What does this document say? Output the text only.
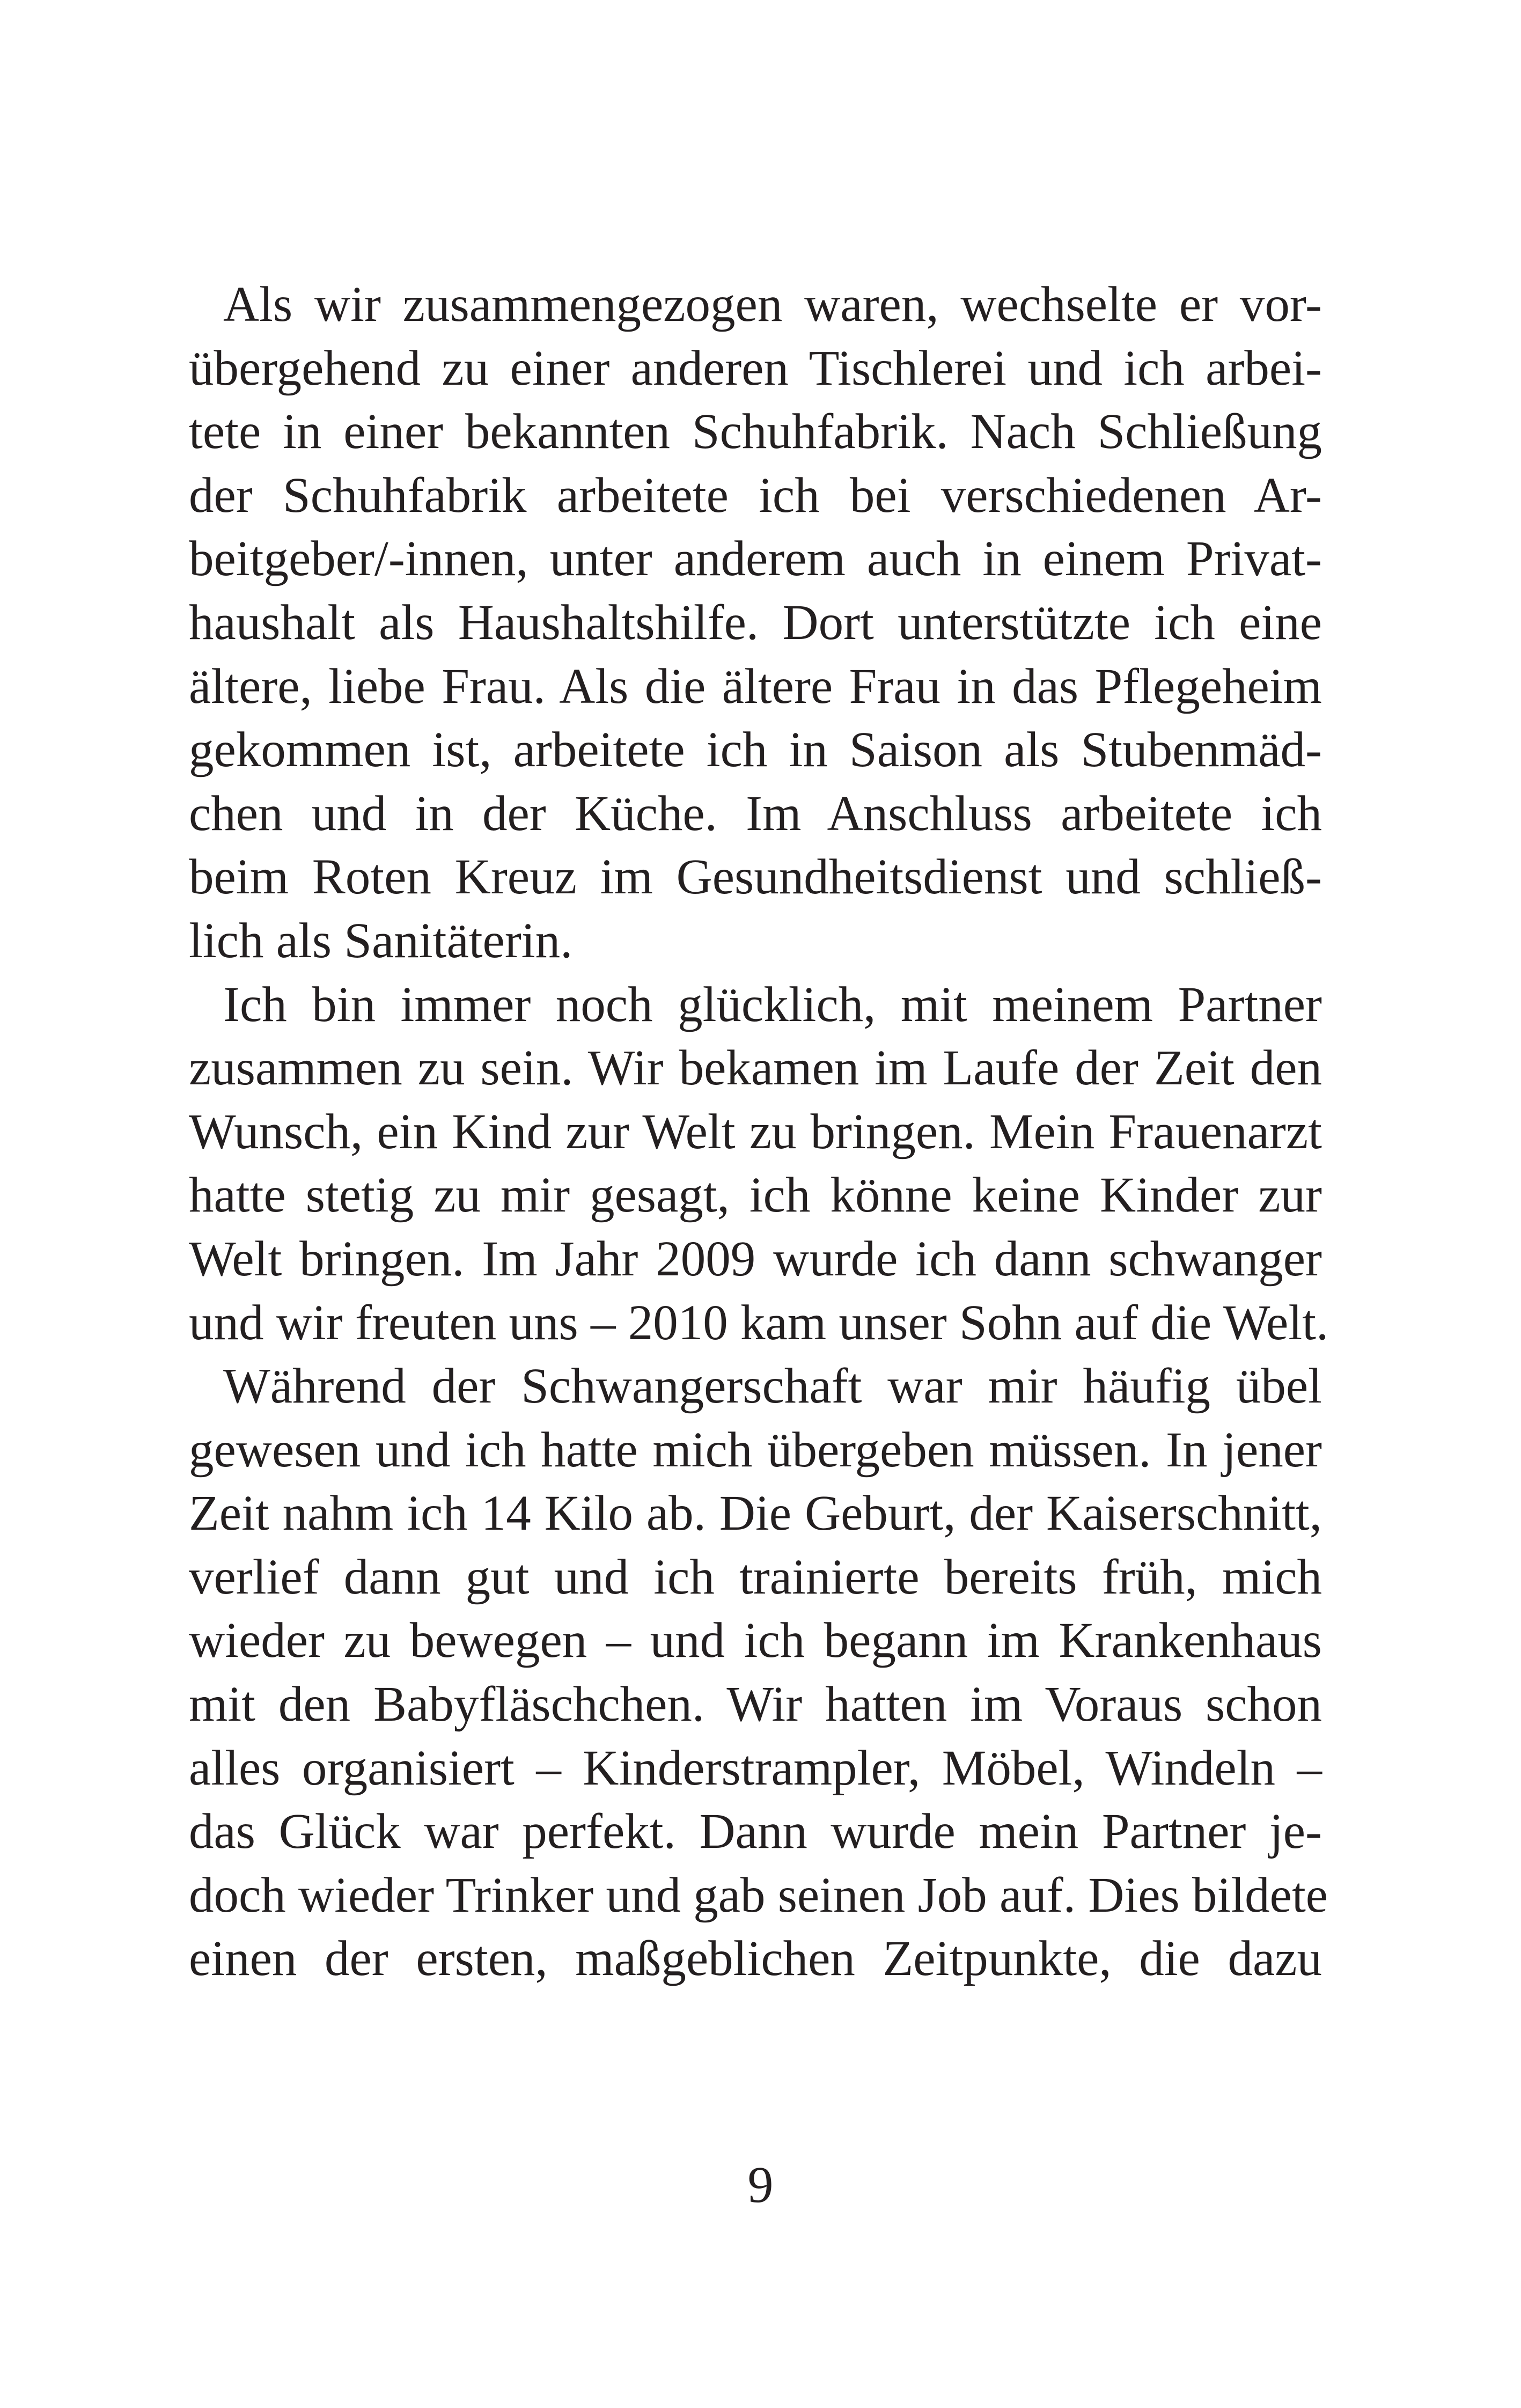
Als wir zusammengezogen waren, wechselte er vor-
übergehend zu einer anderen Tischlerei und ich arbei-
tete in einer bekannten Schuhfabrik. Nach Schließung
der Schuhfabrik arbeitete ich bei verschiedenen Ar-
beitgeber/-innen, unter anderem auch in einem Privat-
haushalt als Haushaltshilfe. Dort unterstützte ich eine
ältere, liebe Frau. Als die ältere Frau in das Pflegeheim
gekommen ist, arbeitete ich in Saison als Stubenmäd-
chen und in der Küche. Im Anschluss arbeitete ich
beim Roten Kreuz im Gesundheitsdienst und schließ-
lich als Sanitäterin.
Ich bin immer noch glücklich, mit meinem Partner
zusammen zu sein. Wir bekamen im Laufe der Zeit den
Wunsch, ein Kind zur Welt zu bringen. Mein Frauenarzt
hatte stetig zu mir gesagt, ich könne keine Kinder zur
Welt bringen. Im Jahr 2009 wurde ich dann schwanger
und wir freuten uns – 2010 kam unser Sohn auf die Welt.
Während der Schwangerschaft war mir häufig übel
gewesen und ich hatte mich übergeben müssen. In jener
Zeit nahm ich 14 Kilo ab. Die Geburt, der Kaiserschnitt,
verlief dann gut und ich trainierte bereits früh, mich
wieder zu bewegen – und ich begann im Krankenhaus
mit den Babyfläschchen. Wir hatten im Voraus schon
alles organisiert – Kinderstrampler, Möbel, Windeln –
das Glück war perfekt. Dann wurde mein Partner je-
doch wieder Trinker und gab seinen Job auf. Dies bildete
einen der ersten, maßgeblichen Zeitpunkte, die dazu
9
